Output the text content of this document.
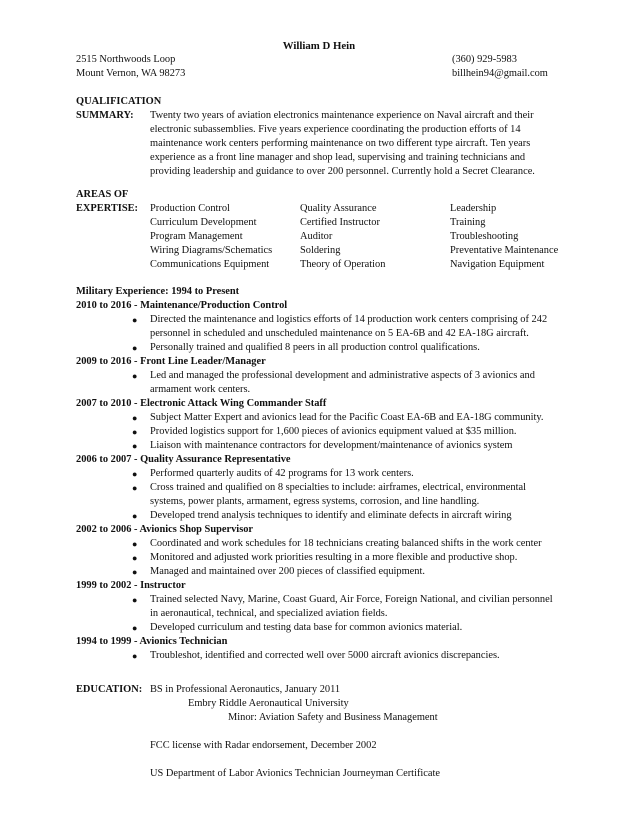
William D Hein
2515 Northwoods Loop
Mount Vernon, WA 98273
(360) 929-5983
billhein94@gmail.com
QUALIFICATION
SUMMARY: Twenty two years of aviation electronics maintenance experience on Naval aircraft and their electronic subassemblies. Five years experience coordinating the production efforts of 14 maintenance work centers performing maintenance on two different type aircraft. Ten years experience as a front line manager and shop lead, supervising and training technicians and providing leadership and guidance to over 200 personnel. Currently hold a Secret Clearance.
AREAS OF
EXPERTISE: Production Control	Quality Assurance	Leadership
Curriculum Development	Certified Instructor	Training
Program Management	Auditor	Troubleshooting
Wiring Diagrams/Schematics	Soldering	Preventative Maintenance
Communications Equipment	Theory of Operation	Navigation Equipment
Military Experience: 1994 to Present
2010 to 2016 - Maintenance/Production Control
● Directed the maintenance and logistics efforts of 14 production work centers comprising of 242 personnel in scheduled and unscheduled maintenance on 5 EA-6B and 42 EA-18G aircraft.
● Personally trained and qualified 8 peers in all production control qualifications.
2009 to 2016 - Front Line Leader/Manager
● Led and managed the professional development and administrative aspects of 3 avionics and armament work centers.
2007 to 2010 - Electronic Attack Wing Commander Staff
● Subject Matter Expert and avionics lead for the Pacific Coast EA-6B and EA-18G community.
● Provided logistics support for 1,600 pieces of avionics equipment valued at $35 million.
● Liaison with maintenance contractors for development/maintenance of avionics system
2006 to 2007 - Quality Assurance Representative
● Performed quarterly audits of 42 programs for 13 work centers.
● Cross trained and qualified on 8 specialties to include: airframes, electrical, environmental systems, power plants, armament, egress systems, corrosion, and line handling.
● Developed trend analysis techniques to identify and eliminate defects in aircraft wiring
2002 to 2006 - Avionics Shop Supervisor
● Coordinated and work schedules for 18 technicians creating balanced shifts in the work center
● Monitored and adjusted work priorities resulting in a more flexible and productive shop.
● Managed and maintained over 200 pieces of classified equipment.
1999 to 2002 - Instructor
● Trained selected Navy, Marine, Coast Guard, Air Force, Foreign National, and civilian personnel in aeronautical, technical, and specialized aviation fields.
● Developed curriculum and testing data base for common avionics material.
1994 to 1999 - Avionics Technician
● Troubleshot, identified and corrected well over 5000 aircraft avionics discrepancies.
EDUCATION: BS in Professional Aeronautics, January 2011
Embry Riddle Aeronautical University
Minor: Aviation Safety and Business Management
FCC license with Radar endorsement, December 2002
US Department of Labor Avionics Technician Journeyman Certificate
